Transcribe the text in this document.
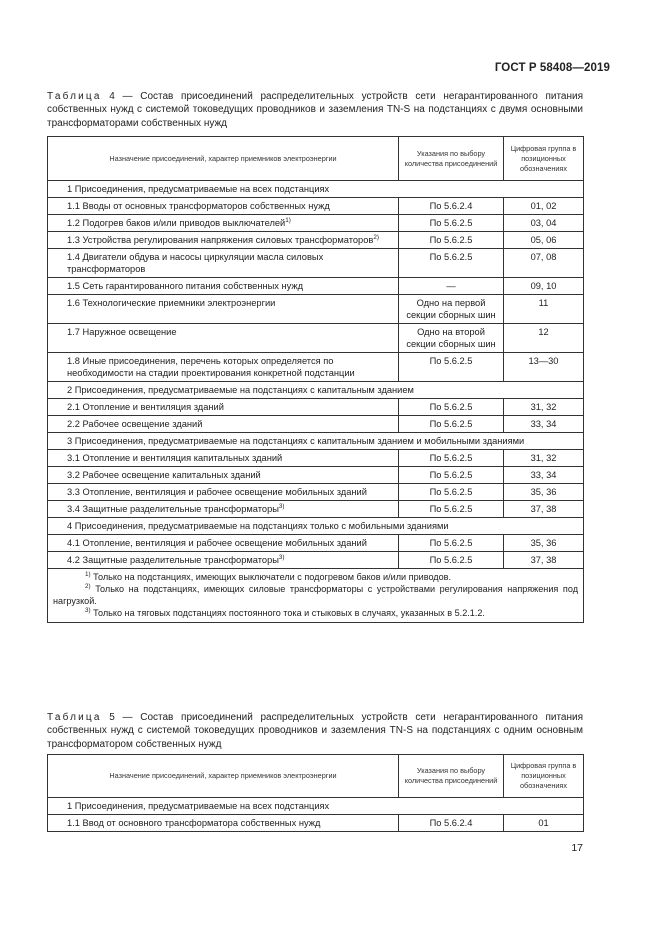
ГОСТ Р 58408—2019
Таблица 4 — Состав присоединений распределительных устройств сети негарантированного питания собственных нужд с системой токоведущих проводников и заземления TN-S на подстанциях с двумя основными трансформаторами собственных нужд
Назначение присоединений, характер приемников электроэнергии	Указания по выбору количества присоединений	Цифровая группа в позиционных обозначениях
1 Присоединения, предусматриваемые на всех подстанциях		
1.1 Вводы от основных трансформаторов собственных нужд	По 5.6.2.4	01, 02
1.2 Подогрев баков и/или приводов выключателей$^{1)}$	По 5.6.2.5	03, 04
1.3 Устройства регулирования напряжения силовых трансформаторов$^{2)}$	По 5.6.2.5	05, 06
1.4 Двигатели обдува и насосы циркуляции масла силовых трансформаторов	По 5.6.2.5	07, 08
1.5 Сеть гарантированного питания собственных нужд	—	09, 10
1.6 Технологические приемники электроэнергии	Одно на первой секции сборных шин	11
1.7 Наружное освещение	Одно на второй секции сборных шин	12
1.8 Иные присоединения, перечень которых определяется по необходимости на стадии проектирования конкретной подстанции	По 5.6.2.5	13—30
2 Присоединения, предусматриваемые на подстанциях с капитальным зданием		
2.1 Отопление и вентиляция зданий	По 5.6.2.5	31, 32
2.2 Рабочее освещение зданий	По 5.6.2.5	33, 34
3 Присоединения, предусматриваемые на подстанциях с капитальным зданием и мобильными зданиями		
3.1 Отопление и вентиляция капитальных зданий	По 5.6.2.5	31, 32
3.2 Рабочее освещение капитальных зданий	По 5.6.2.5	33, 34
3.3 Отопление, вентиляция и рабочее освещение мобильных зданий	По 5.6.2.5	35, 36
3.4 Защитные разделительные трансформаторы$^{3)}$	По 5.6.2.5	37, 38
4 Присоединения, предусматриваемые на подстанциях только с мобильными зданиями		
4.1 Отопление, вентиляция и рабочее освещение мобильных зданий	По 5.6.2.5	35, 36
4.2 Защитные разделительные трансформаторы$^{3)}$	По 5.6.2.5	37, 38

$^{1)}$ Только на подстанциях, имеющих выключатели с подогревом баков и/или приводов.

$^{2)}$ Только на подстанциях, имеющих силовые трансформаторы с устройствами регулирования напряжения под нагрузкой.

$^{3)}$ Только на тяговых подстанциях постоянного тока и стыковых в случаях, указанных в 5.2.1.2.		

Таблица 5 — Состав присоединений распределительных устройств сети негарантированного питания собственных нужд с системой токоведущих проводников и заземления TN-S на подстанциях с одним основным трансформатором собственных нужд
Назначение присоединений, характер приемников электроэнергии	Указания по выбору количества присоединений	Цифровая группа в позиционных обозначениях
1 Присоединения, предусматриваемые на всех подстанциях		
1.1 Ввод от основного трансформатора собственных нужд	По 5.6.2.4	01
17
